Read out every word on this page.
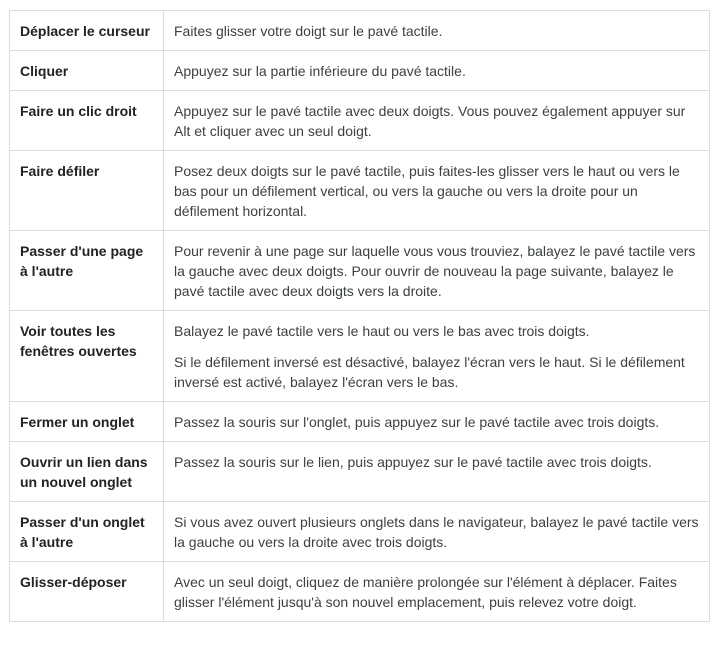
Déplacer le curseur	Faites glisser votre doigt sur le pavé tactile.

Cliquer	Appuyez sur la partie inférieure du pavé tactile.

Faire un clic droit	Appuyez sur le pavé tactile avec deux doigts. Vous pouvez également appuyer sur Alt et cliquer avec un seul doigt.

Faire défiler	Posez deux doigts sur le pavé tactile, puis faites-les glisser vers le haut ou vers le bas pour un défilement vertical, ou vers la gauche ou vers la droite pour un défilement horizontal.

Passer d'une page à l'autre	Pour revenir à une page sur laquelle vous vous trouviez, balayez le pavé tactile vers la gauche avec deux doigts. Pour ouvrir de nouveau la page suivante, balayez le pavé tactile avec deux doigts vers la droite.

Voir toutes les fenêtres ouvertes	Balayez le pavé tactile vers le haut ou vers le bas avec trois doigts.

Si le défilement inversé est désactivé, balayez l'écran vers le haut. Si le défilement inversé est activé, balayez l'écran vers le bas.

Fermer un onglet	Passez la souris sur l'onglet, puis appuyez sur le pavé tactile avec trois doigts.

Ouvrir un lien dans un nouvel onglet	Passez la souris sur le lien, puis appuyez sur le pavé tactile avec trois doigts.

Passer d'un onglet à l'autre	Si vous avez ouvert plusieurs onglets dans le navigateur, balayez le pavé tactile vers la gauche ou vers la droite avec trois doigts.

Glisser-déposer	Avec un seul doigt, cliquez de manière prolongée sur l'élément à déplacer. Faites glisser l'élément jusqu'à son nouvel emplacement, puis relevez votre doigt.
